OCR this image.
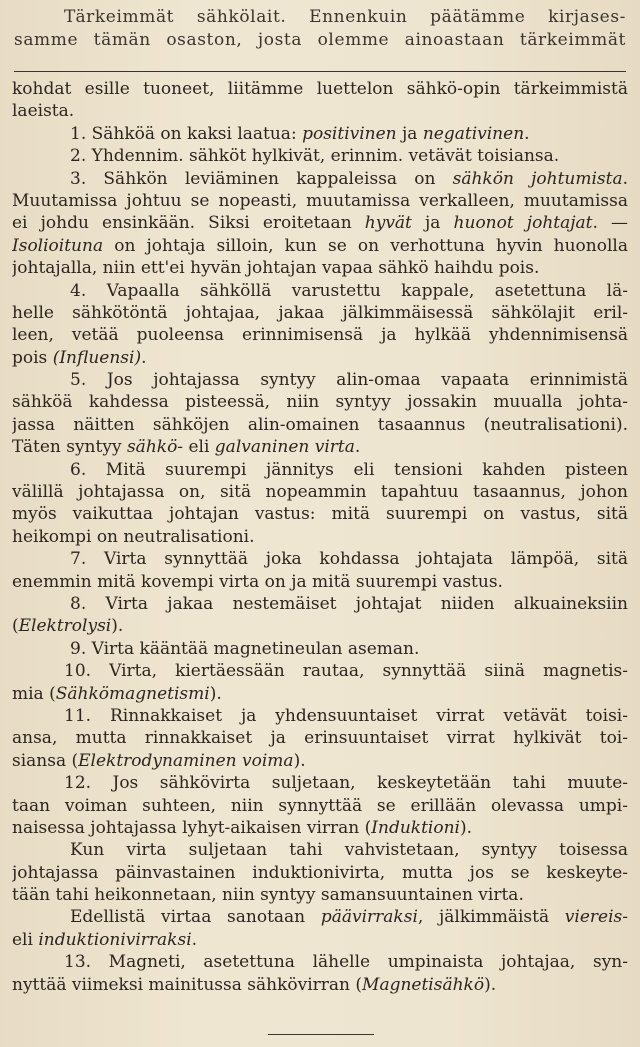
Tärkeimmät sähkölait. Ennenkuin päätämme kirjases-
samme tämän osaston, josta olemme ainoastaan tärkeimmät
kohdat esille tuoneet, liitämme luettelon sähkö-opin tärkeimmistä
laeista.
1. Sähköä on kaksi laatua: positivinen ja negativinen.
2. Yhdennim. sähköt hylkivät, erinnim. vetävät toisiansa.
3. Sähkön leviäminen kappaleissa on sähkön johtumista.
Muutamissa johtuu se nopeasti, muutamissa verkalleen, muutamissa
ei johdu ensinkään. Siksi eroitetaan hyvät ja huonot johtajat. —
Isolioituna on johtaja silloin, kun se on verhottuna hyvin huonolla
johtajalla, niin ett'ei hyvän johtajan vapaa sähkö haihdu pois.
4. Vapaalla sähköllä varustettu kappale, asetettuna lä-
helle sähkötöntä johtajaa, jakaa jälkimmäisessä sähkölajit eril-
leen, vetää puoleensa erinnimisensä ja hylkää yhdennimisensä
pois (Influensi).
5. Jos johtajassa syntyy alin-omaa vapaata erinnimistä
sähköä kahdessa pisteessä, niin syntyy jossakin muualla johta-
jassa näitten sähköjen alin-omainen tasaannus (neutralisationi).
Täten syntyy sähkö- eli galvaninen virta.
6. Mitä suurempi jännitys eli tensioni kahden pisteen
välillä johtajassa on, sitä nopeammin tapahtuu tasaannus, johon
myös vaikuttaa johtajan vastus: mitä suurempi on vastus, sitä
heikompi on neutralisationi.
7. Virta synnyttää joka kohdassa johtajata lämpöä, sitä
enemmin mitä kovempi virta on ja mitä suurempi vastus.
8. Virta jakaa nestemäiset johtajat niiden alkuaineksiin
(Elektrolysi).
9. Virta kääntää magnetineulan aseman.
10. Virta, kiertäessään rautaa, synnyttää siinä magnetis-
mia (Sähkömagnetismi).
11. Rinnakkaiset ja yhdensuuntaiset virrat vetävät toisi-
ansa, mutta rinnakkaiset ja erinsuuntaiset virrat hylkivät toi-
siansa (Elektrodynaminen voima).
12. Jos sähkövirta suljetaan, keskeytetään tahi muute-
taan voiman suhteen, niin synnyttää se erillään olevassa umpi-
naisessa johtajassa lyhyt-aikaisen virran (Induktioni).
Kun virta suljetaan tahi vahvistetaan, syntyy toisessa
johtajassa päinvastainen induktionivirta, mutta jos se keskeyte-
tään tahi heikonnetaan, niin syntyy samansuuntainen virta.
Edellistä virtaa sanotaan päävirraksi, jälkimmäistä viereis-
eli induktionivirraksi.
13. Magneti, asetettuna lähelle umpinaista johtajaa, syn-
nyttää viimeksi mainitussa sähkövirran (Magnetisähkö).
